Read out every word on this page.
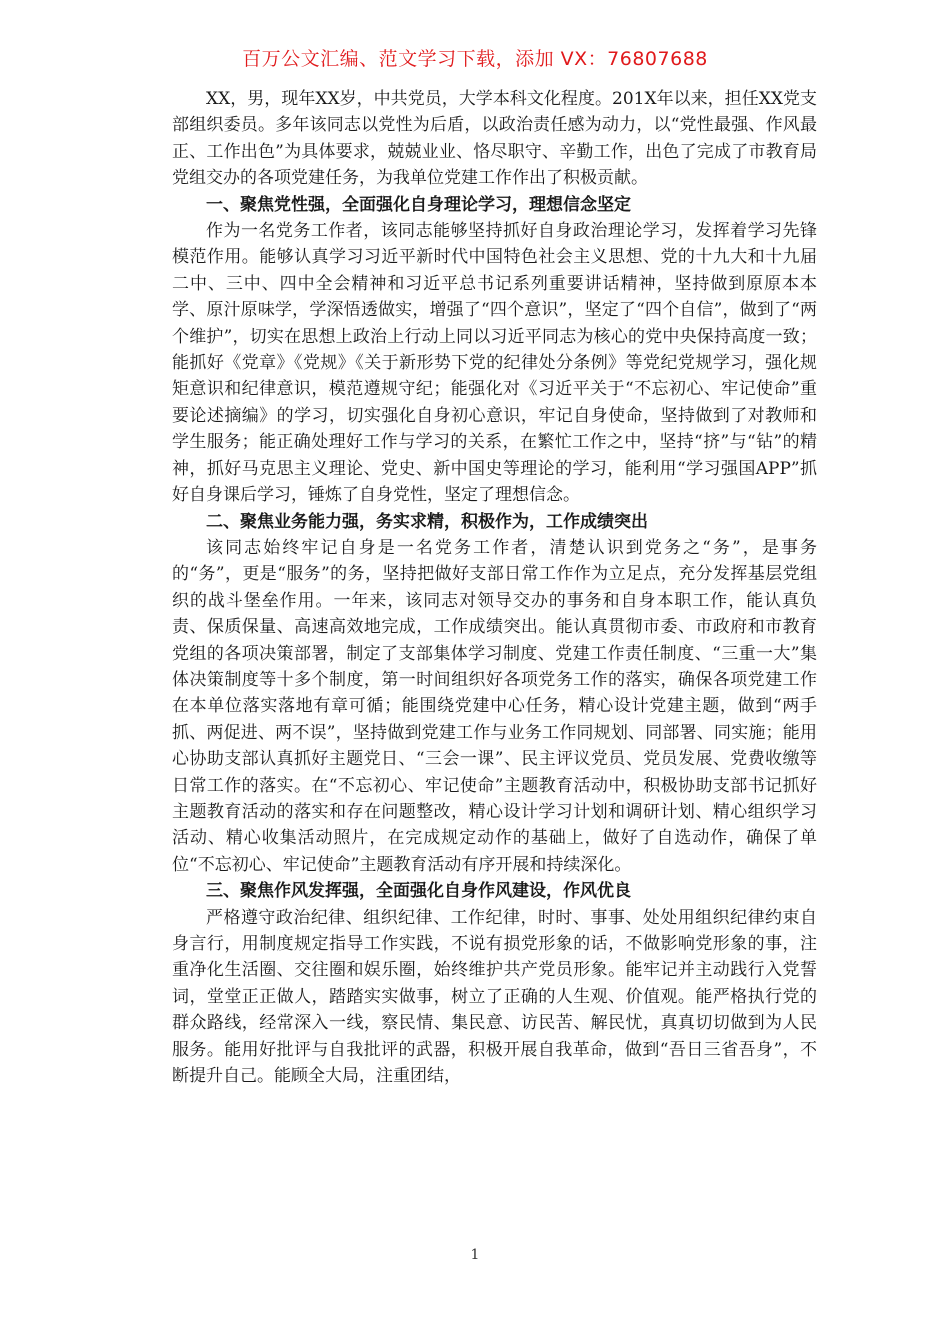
百万公文汇编、范文学习下载，添加 VX：76807688

XX，男，现年XX岁，中共党员，大学本科文化程度。201X年以来，担任XX党支部组织委员。多年该同志以党性为后盾，以政治责任感为动力，以“党性最强、作风最正、工作出色”为具体要求，兢兢业业、恪尽职守、辛勤工作，出色了完成了市教育局党组交办的各项党建任务，为我单位党建工作作出了积极贡献。

一、聚焦党性强，全面强化自身理论学习，理想信念坚定

作为一名党务工作者，该同志能够坚持抓好自身政治理论学习，发挥着学习先锋模范作用。能够认真学习习近平新时代中国特色社会主义思想、党的十九大和十九届二中、三中、四中全会精神和习近平总书记系列重要讲话精神，坚持做到原原本本学、原汁原味学，学深悟透做实，增强了“四个意识”，坚定了“四个自信”，做到了“两个维护”，切实在思想上政治上行动上同以习近平同志为核心的党中央保持高度一致；能抓好《党章》《党规》《关于新形势下党的纪律处分条例》等党纪党规学习，强化规矩意识和纪律意识，模范遵规守纪；能强化对《习近平关于“不忘初心、牢记使命”重要论述摘编》的学习，切实强化自身初心意识，牢记自身使命，坚持做到了对教师和学生服务；能正确处理好工作与学习的关系，在繁忙工作之中，坚持“挤”与“钻”的精神，抓好马克思主义理论、党史、新中国史等理论的学习，能利用“学习强国APP”抓好自身课后学习，锤炼了自身党性，坚定了理想信念。

二、聚焦业务能力强，务实求精，积极作为，工作成绩突出

该同志始终牢记自身是一名党务工作者，清楚认识到党务之“务”，是事务的“务”，更是“服务”的务，坚持把做好支部日常工作作为立足点，充分发挥基层党组织的战斗堡垒作用。一年来，该同志对领导交办的事务和自身本职工作，能认真负责、保质保量、高速高效地完成，工作成绩突出。能认真贯彻市委、市政府和市教育党组的各项决策部署，制定了支部集体学习制度、党建工作责任制度、“三重一大”集体决策制度等十多个制度，第一时间组织好各项党务工作的落实，确保各项党建工作在本单位落实落地有章可循；能围绕党建中心任务，精心设计党建主题，做到“两手抓、两促进、两不误”，坚持做到党建工作与业务工作同规划、同部署、同实施；能用心协助支部认真抓好主题党日、“三会一课”、民主评议党员、党员发展、党费收缴等日常工作的落实。在“不忘初心、牢记使命”主题教育活动中，积极协助支部书记抓好主题教育活动的落实和存在问题整改，精心设计学习计划和调研计划、精心组织学习活动、精心收集活动照片，在完成规定动作的基础上，做好了自选动作，确保了单位“不忘初心、牢记使命”主题教育活动有序开展和持续深化。

三、聚焦作风发挥强，全面强化自身作风建设，作风优良

严格遵守政治纪律、组织纪律、工作纪律，时时、事事、处处用组织纪律约束自身言行，用制度规定指导工作实践，不说有损党形象的话，不做影响党形象的事，注重净化生活圈、交往圈和娱乐圈，始终维护共产党员形象。能牢记并主动践行入党誓词，堂堂正正做人，踏踏实实做事，树立了正确的人生观、价值观。能严格执行党的群众路线，经常深入一线，察民情、集民意、访民苦、解民忧，真真切切做到为人民服务。能用好批评与自我批评的武器，积极开展自我革命，做到“吾日三省吾身”，不断提升自己。能顾全大局，注重团结，

1
